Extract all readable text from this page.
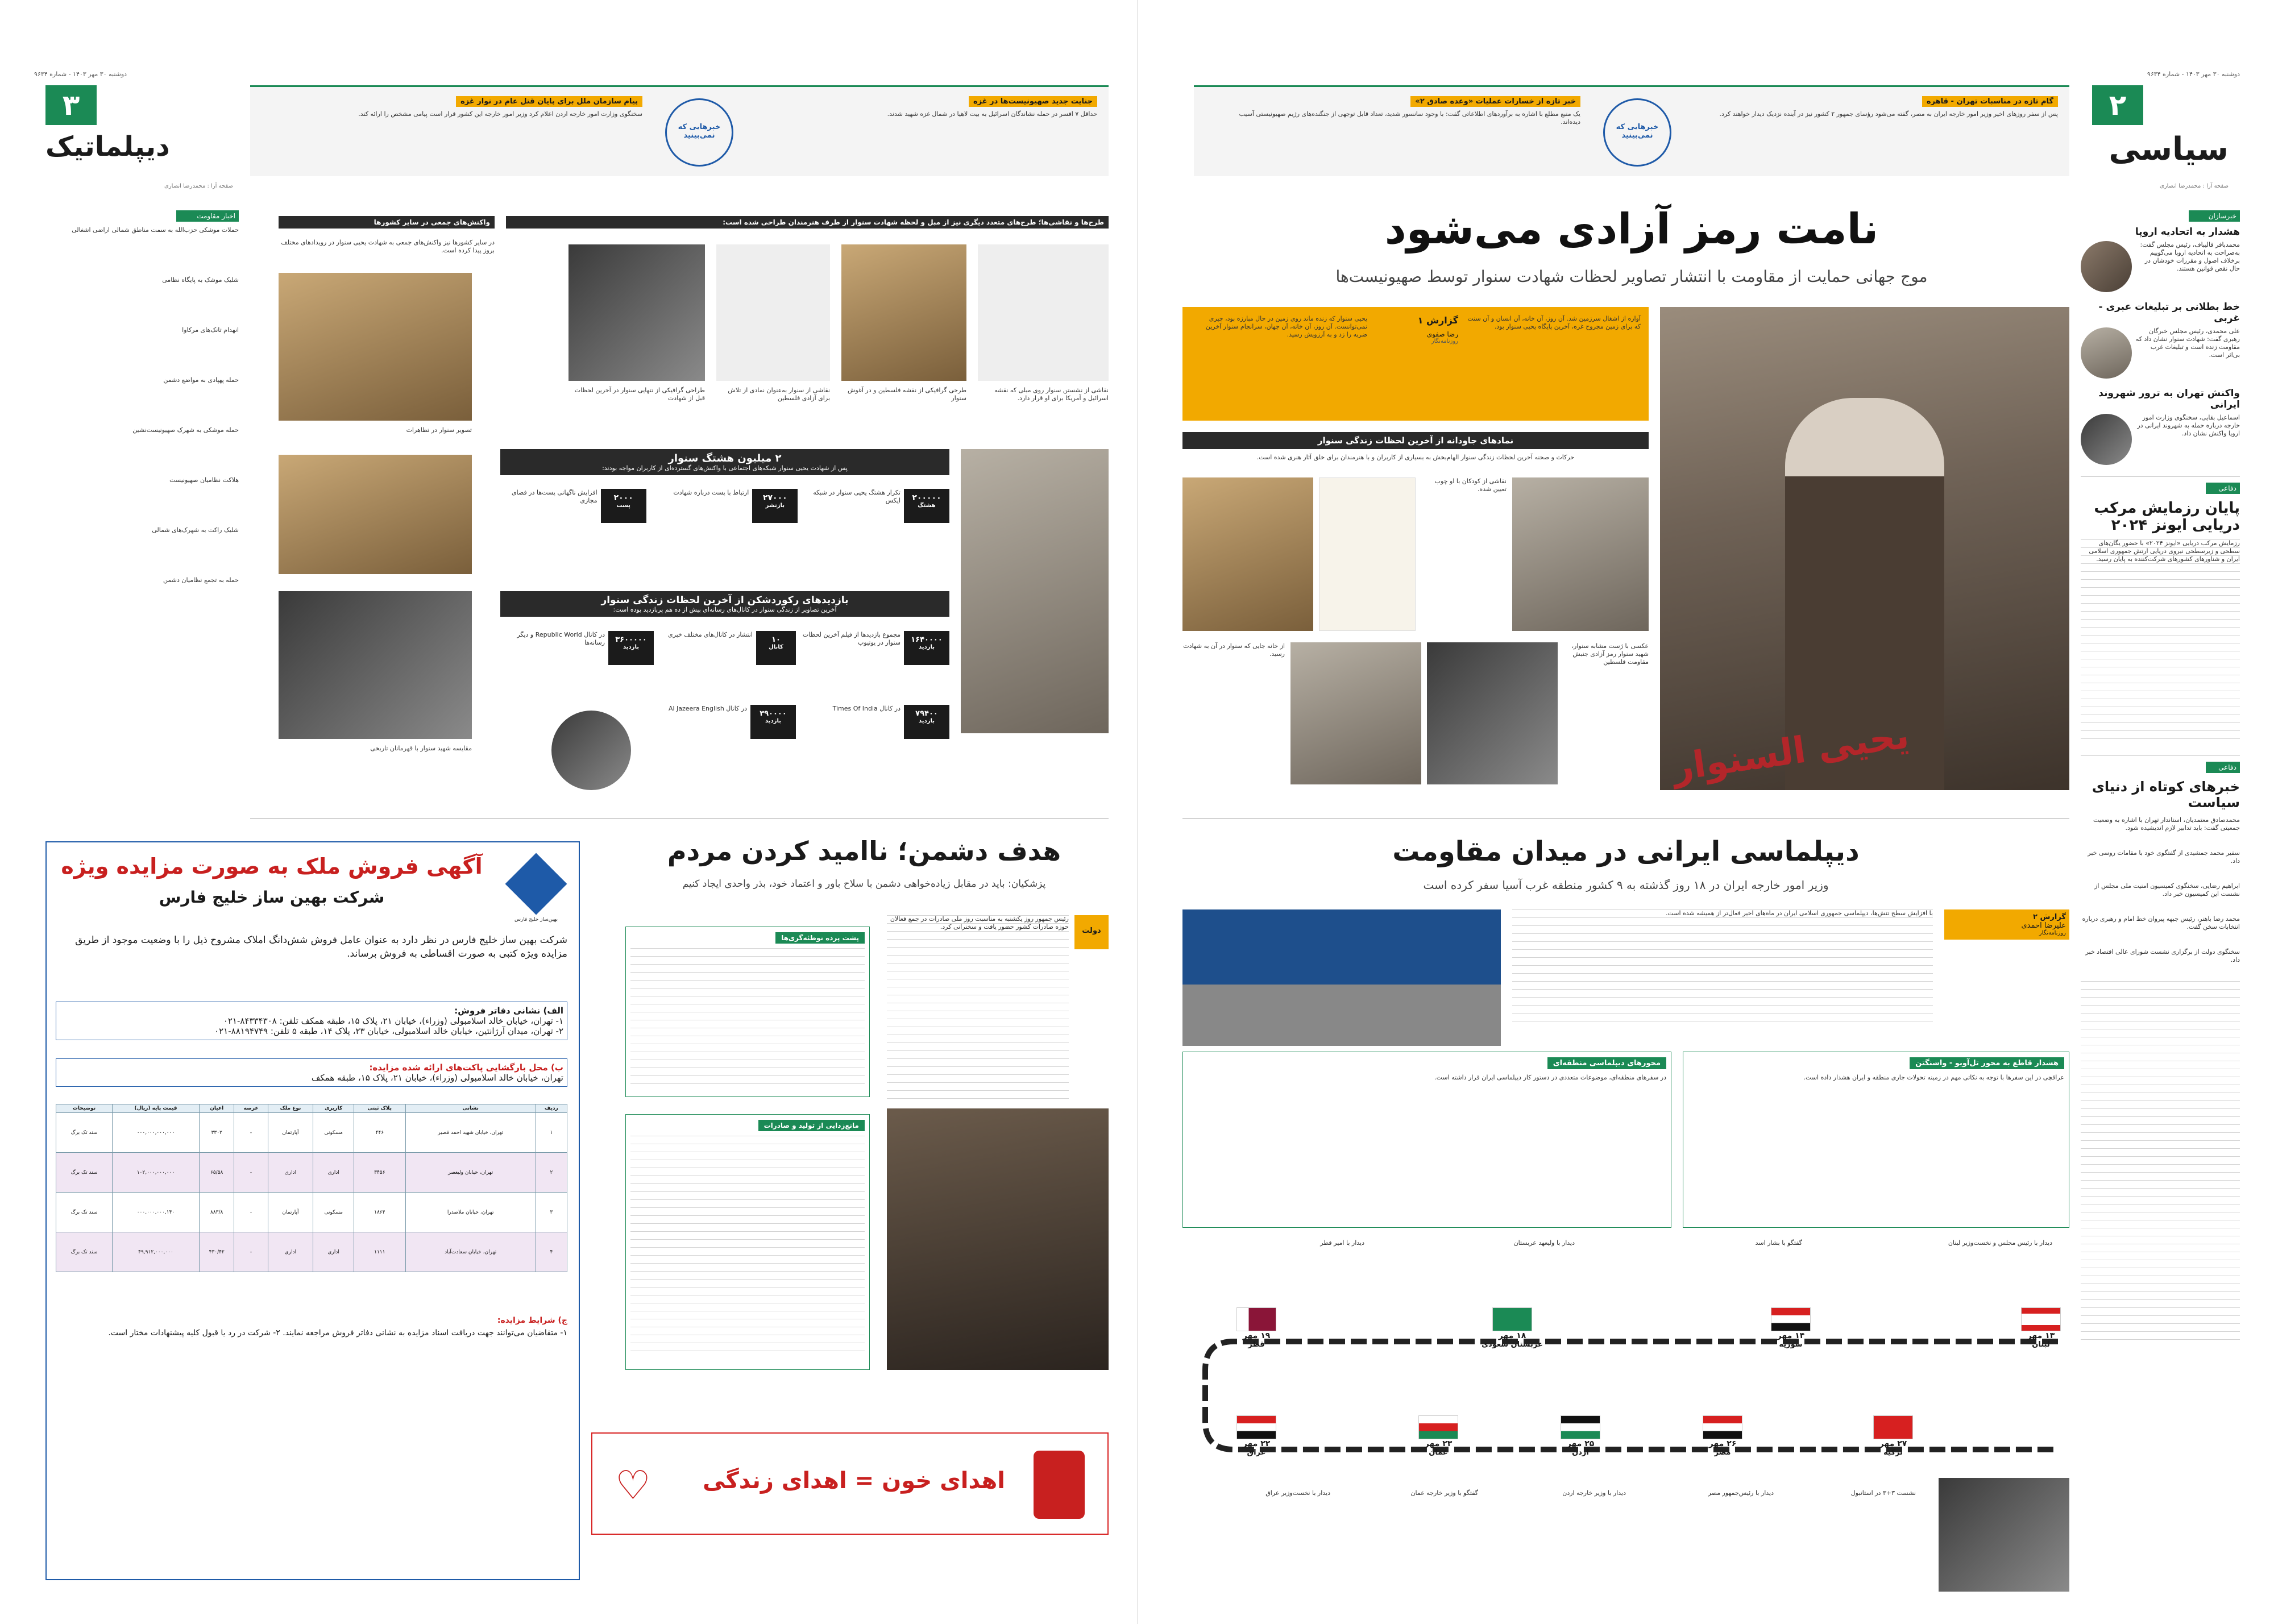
۲
دوشنبه ۳۰ مهر ۱۴۰۳ - شماره ۹۶۳۴
سیاسی
صفحه آرا : محمدرضا انصاری
گام تازه در مناسبات تهران - قاهره
پس از سفر روزهای اخیر وزیر امور خارجه ایران به مصر، گفته می‌شود رؤسای جمهور ۲ کشور نیز در آینده نزدیک دیدار خواهند کرد.
خبرهایی که نمی‌بینید
خبر تازه از خسارات عملیات «وعده صادق ۲»
یک منبع مطلع با اشاره به برآوردهای اطلاعاتی گفت: با وجود سانسور شدید، تعداد قابل توجهی از جنگنده‌های رژیم صهیونیستی آسیب دیده‌اند.
خبرسازان
هشدار به اتحادیه اروپا
محمدباقر قالیباف، رئیس مجلس گفت: به‌صراحت به اتحادیه اروپا می‌گوییم برخلاف اصول و مقررات خودشان در حال نقض قوانین هستند.
خط بطلانی بر تبلیغات عبری - غربی
علی محمدی، رئیس مجلس خبرگان رهبری گفت: شهادت سنوار نشان داد که مقاومت زنده است و تبلیغات غرب بی‌اثر است.
واکنش تهران به ترور شهروند ایرانی
اسماعیل بقایی، سخنگوی وزارت امور خارجه درباره حمله به شهروند ایرانی در اروپا واکنش نشان داد.
دفاعی
پایان رزمایش مرکب دریایی ایونز ۲۰۲۴
رزمایش مرکب دریایی «ایونز ۲۰۲۴» با حضور یگان‌های سطحی و زیرسطحی نیروی دریایی ارتش جمهوری اسلامی ایران و شناورهای کشورهای شرکت‌کننده به پایان رسید.
دفاعی
خبرهای کوتاه از دنیای سیاست
محمدصادق معتمدیان، استاندار تهران با اشاره به وضعیت جمعیتی گفت: باید تدابیر لازم اندیشیده شود.
سفیر محمد جمشیدی از گفتگوی خود با مقامات روسی خبر داد.
ابراهیم رضایی، سخنگوی کمیسیون امنیت ملی مجلس از نشست این کمیسیون خبر داد.
محمد رضا باهنر، رئیس جبهه پیروان خط امام و رهبری درباره انتخابات سخن گفت.
سخنگوی دولت از برگزاری نشست شورای عالی اقتصاد خبر داد.
نامت رمز آزادی می‌شود
موج جهانی حمایت از مقاومت با انتشار تصاویر لحظات شهادت سنوار توسط صهیونیست‌ها
یحیی السنوار
آواره از اشغال سرزمین شد. آن روز، آن خانه، آن انسان و آن سنت که برای زمین مجروح غزه، آخرین پایگاه یحیی سنوار بود.
گزارش ۱
رضا صفوی
روزنامه‌نگار
یحیی سنوار که زنده ماند روی زمین در حال مبارزه بود، چیزی نمی‌توانست. آن روز، آن خانه، آن جهان، سرانجام سنوار آخرین ضربه را زد و به آرزویش رسید.
نمادهای جاودانه از آخرین لحظات زندگی سنوار
حرکات و صحنه آخرین لحظات زندگی سنوار الهام‌بخش به بسیاری از کاربران و با هنرمندان برای خلق آثار هنری شده است.
نقاشی از کودکان با او چوب تعیین شده.
عکسی با ژست مشابه سنوار، شهید سنوار رمز آزادی جنبش مقاومت فلسطین
از خانه جایی که سنوار در آن به شهادت رسید.
طرح‌ها و نقاشی‌ها؛ طرح‌های متعدد دیگری نیز از مبل و لحظه شهادت سنوار از طرف هنرمندان طراحی شده است:
واکنش‌های جمعی در سایر کشورها
در سایر کشورها نیز واکنش‌های جمعی به شهادت یحیی سنوار در رویدادهای مختلف بروز پیدا کرده است.
نقاشی از نشستن سنوار روی مبلی که نقشه اسرائیل و آمریکا برای او قرار دارد.
طرحی گرافیکی از نقشه فلسطین و در آغوش سنوار
نقاشی از سنوار به‌عنوان نمادی از تلاش برای آزادی فلسطین
طراحی گرافیکی از تنهایی سنوار در آخرین لحظات قبل از شهادت
تصویر سنوار در تظاهرات
۲ میلیون هشتگ سنوار
پس از شهادت یحیی سنوار شبکه‌های اجتماعی با واکنش‌های گسترده‌ای از کاربران مواجه بودند:
۲۰۰۰۰۰
هشتگ
تکرار هشتگ یحیی سنوار در شبکه ایکس
۲۷۰۰۰
بازنشر
ارتباط با پست درباره شهادت
۲۰۰۰
پست
افزایش ناگهانی پست‌ها در فضای مجازی
بازدیدهای رکوردشکن از آخرین لحظات زندگی سنوار
آخرین تصاویر از زندگی سنوار در کانال‌های رسانه‌ای بیش از ده هم پربازدید بوده است:
۱۶۴۰۰۰۰
بازدید
مجموع بازدیدها از فیلم آخرین لحظات سنوار در یوتیوب
۱۰
کانال
انتشار در کانال‌های مختلف خبری
۳۶۰۰۰۰۰
بازدید
در کانال Republic World و دیگر رسانه‌ها
۷۹۴۰۰
بازدید
در کانال Times Of India
۳۹۰۰۰۰
بازدید
در کانال Al Jazeera English
مقایسه شهید سنوار با قهرمانان تاریخی
دیپلماسی ایرانی در میدان مقاومت
وزیر امور خارجه ایران در ۱۸ روز گذشته به ۹ کشور منطقه غرب آسیا سفر کرده است
گزارش ۲
علیرضا احمدی
روزنامه‌نگار
با افزایش سطح تنش‌ها، دیپلماسی جمهوری اسلامی ایران در ماه‌های اخیر فعال‌تر از همیشه شده است.
هشدار قاطع به محور تل‌آویو - واشنگتن
عراقچی در این سفرها با توجه به نکاتی مهم در زمینه تحولات جاری منطقه و ایران هشدار داده است.
محورهای دیپلماسی منطقه‌ای
در سفرهای منطقه‌ای، موضوعات متعددی در دستور کار دیپلماسی ایران قرار داشته است.
۱۳ مهر
لبنان
۱۴ مهر
سوریه
۱۸ مهر
عربستان سعودی
۱۹ مهر
قطر
۲۲ مهر
عراق
۲۳ مهر
عمان
۲۵ مهر
اردن
۲۶ مهر
مصر
۲۷ مهر
ترکیه
نشست ۳+۳ در استانبول
دیدار با رئیس مجلس و نخست‌وزیر لبنان
گفتگو با بشار اسد
دیدار با ولیعهد عربستان
دیدار با امیر قطر
دیدار با نخست‌وزیر عراق	گفتگو با وزیر خارجه عمان	دیدار با وزیر خارجه اردن	دیدار با رئیس‌جمهور مصر
۳
دوشنبه ۳۰ مهر ۱۴۰۳ - شماره ۹۶۳۴
دیپلماتیک
صفحه آرا : محمدرضا انصاری
جنایت جدید صهیونیست‌ها در غزه
حداقل ۷ افسر در حمله نشاندگان اسرائیل به بیت لاهیا در شمال غزه شهید شدند.
خبرهایی که نمی‌بینید
پیام سازمان ملل برای پایان قتل عام در نوار غزه
سخنگوی وزارت امور خارجه اردن اعلام کرد وزیر امور خارجه این کشور قرار است پیامی مشخص را ارائه کند.
اخبار مقاومت
حملات موشکی حزب‌الله به سمت مناطق شمالی اراضی اشغالی
شلیک موشک به پایگاه نظامی
انهدام تانک‌های مرکاوا
حمله پهپادی به مواضع دشمن
حمله موشکی به شهرک صهیونیست‌نشین
هلاکت نظامیان صهیونیست
شلیک راکت به شهرک‌های شمالی
حمله به تجمع نظامیان دشمن
هدف دشمن؛ ناامید کردن مردم
پزشکیان: باید در مقابل زیاده‌خواهی دشمن با سلاح باور و اعتماد خود، بذر واحدی ایجاد کنیم
دولت
رئیس جمهور روز یکشنبه به مناسبت روز ملی صادرات در جمع فعالان حوزه صادرات کشور حضور یافت و سخنرانی کرد.
پشت پرده توطئه‌گری‌ها
مانع‌زدایی از تولید و صادرات
اهدای خون = اهدای زندگی
♡
بهین‌ساز خلیج فارس
آگهی فروش ملک به صورت مزایده ویژه
شرکت بهین ساز خلیج فارس
شرکت بهین ساز خلیج فارس در نظر دارد به عنوان عامل فروش شش‌دانگ املاک مشروح ذیل را با وضعیت موجود از طریق مزایده ویژه کتبی به صورت اقساطی به فروش برساند.
الف) نشانی دفاتر فروش:
۱- تهران، خیابان خالد اسلامبولی (وزراء)، خیابان ۲۱، پلاک ۱۵، طبقه همکف تلفن: ۸۴۳۳۴۳۰۸-۰۲۱
۲- تهران، میدان آرژانتین، خیابان خالد اسلامبولی، خیابان ۲۳، پلاک ۱۴، طبقه ۵ تلفن: ۸۸۱۹۴۷۴۹-۰۲۱
ب) محل بارگشایی پاکت‌های ارائه شده مزایده:
تهران، خیابان خالد اسلامبولی (وزراء)، خیابان ۲۱، پلاک ۱۵، طبقه همکف
ردیف	نشانی	پلاک ثبتی	کاربری	نوع ملک	عرصه	اعیان	قیمت پایه (ریال)	توضیحات
۱	تهران، خیابان شهید احمد قصیر	۴۴۶	مسکونی	آپارتمان	-	۳۳۰۲	۰۰۰,۰۰۰,۰۰۰,۰۰۰	سند تک برگ
۲	تهران، خیابان ولیعصر	۳۴۵۶	اداری	اداری	-	۶۵/۵۸	۱۰۲,۰۰۰,۰۰۰,۰۰۰	سند تک برگ
۳	تهران، خیابان ملاصدرا	۱۸۶۴	مسکونی	آپارتمان	-	۸۸۳/۸	۰۰۰,۰۰۰,۰۰۰,۱۴۰	سند تک برگ
۴	تهران، خیابان سعادت‌آباد	۱۱۱۱	اداری	اداری	-	۴۳۰/۴۲	۴۹,۹۱۲,۰۰۰,۰۰۰	سند تک برگ
ج) شرایط مزایده:
۱- متقاضیان می‌توانند جهت دریافت اسناد مزایده به نشانی دفاتر فروش مراجعه نمایند. ۲- شرکت در رد یا قبول کلیه پیشنهادات مختار است.
